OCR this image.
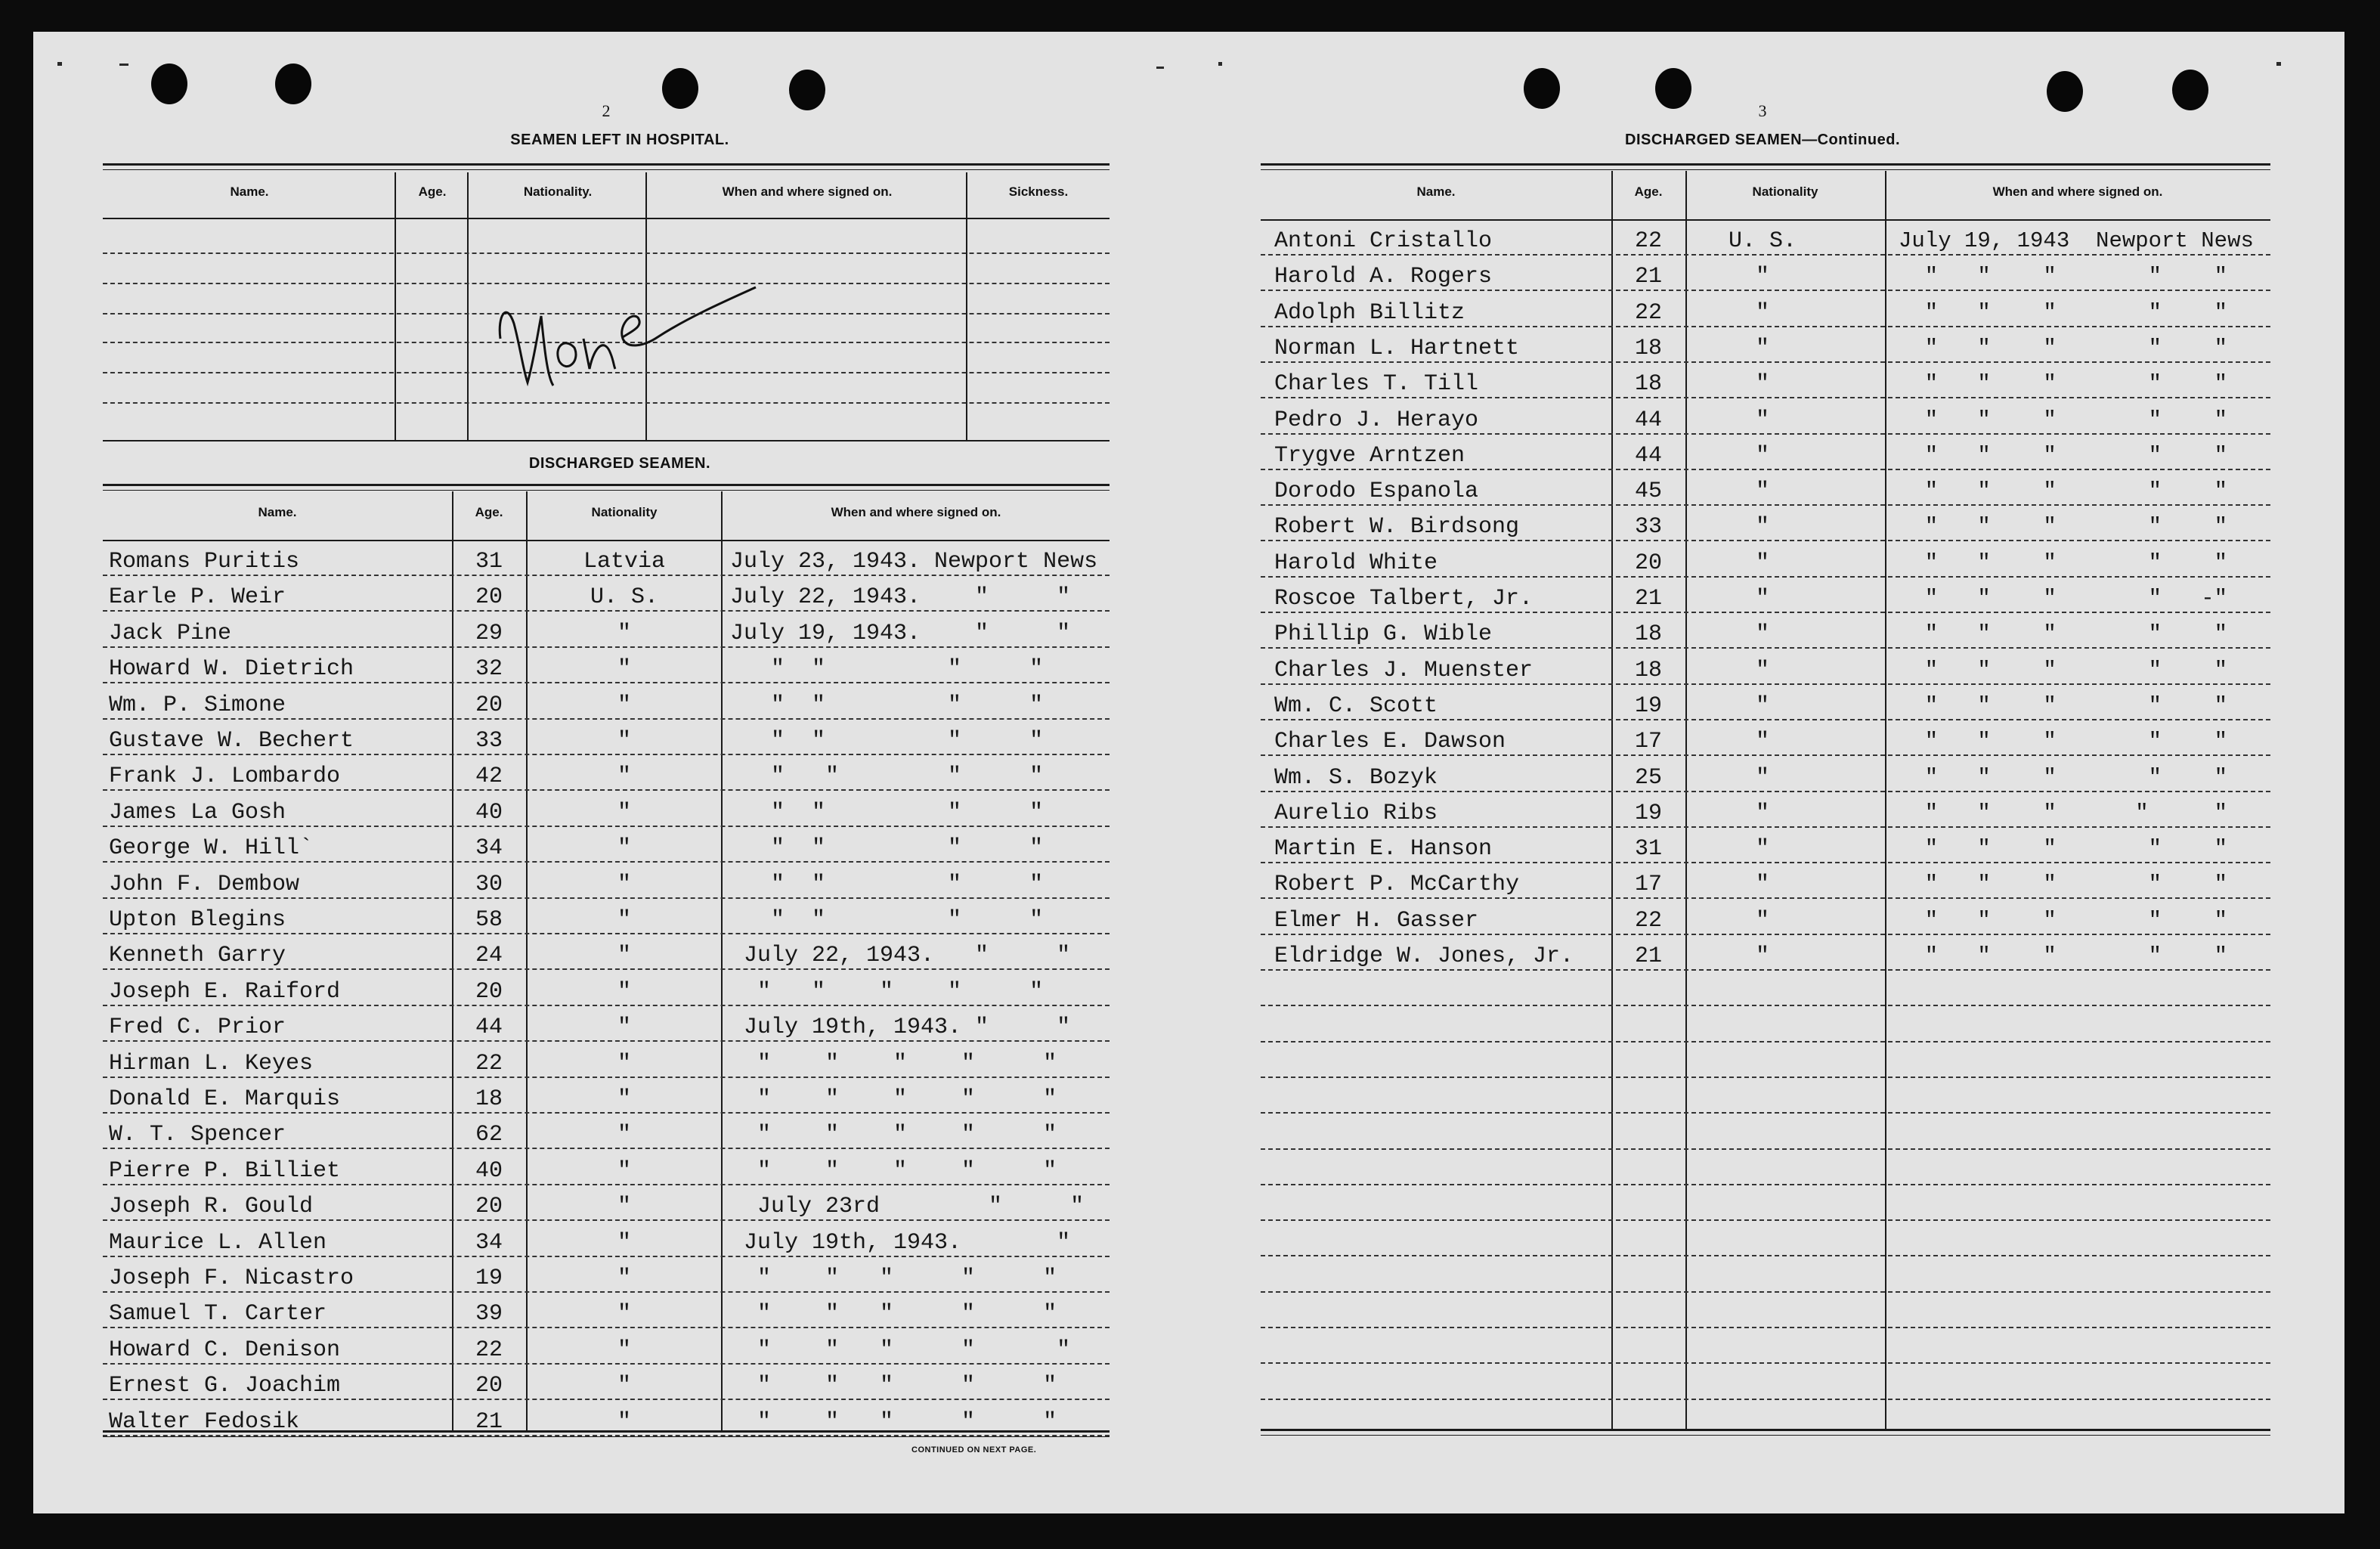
2
SEAMEN LEFT IN HOSPITAL.
Name.	Age.	Nationality.	When and where signed on.	Sickness.
DISCHARGED SEAMEN.
Name.	Age.	Nationality	When and where signed on.
Romans Puritis	31	Latvia	July 23, 1943. Newport News
Earle P. Weir	20	U. S.	July 22, 1943.    "     "
Jack Pine	29	"	July 19, 1943.    "     "
Howard W. Dietrich	32	"	"  "         "     "
Wm. P. Simone	20	"	"  "         "     "
Gustave W. Bechert	33	"	"  "         "     "
Frank J. Lombardo	42	"	"   "        "     "
James La Gosh	40	"	"  "         "     "
George W. Hill`	34	"	"  "         "     "
John F. Dembow	30	"	"  "         "     "
Upton Blegins	58	"	"  "         "     "
Kenneth Garry	24	"	July 22, 1943.   "     "
Joseph E. Raiford	20	"	"   "    "    "     "
Fred C. Prior	44	"	July 19th, 1943. "     "
Hirman L. Keyes	22	"	"    "    "    "     "
Donald E. Marquis	18	"	"    "    "    "     "
W. T. Spencer	62	"	"    "    "    "     "
Pierre P. Billiet	40	"	"    "    "    "     "
Joseph R. Gould	20	"	July 23rd        "     "
Maurice L. Allen	34	"	July 19th, 1943.       "
Joseph F. Nicastro	19	"	"    "   "     "     "
Samuel T. Carter	39	"	"    "   "     "     "
Howard C. Denison	22	"	"    "   "     "      "
Ernest G. Joachim	20	"	"    "   "     "     "
Walter Fedosik	21	"	"    "   "     "     "
CONTINUED ON NEXT PAGE.
3
DISCHARGED SEAMEN—Continued.
Name.	Age.	Nationality	When and where signed on.
Antoni Cristallo	22	U. S.	July 19, 1943  Newport News
Harold A. Rogers	21	"	"   "    "       "    "
Adolph Billitz	22	"	"   "    "       "    "
Norman L. Hartnett	18	"	"   "    "       "    "
Charles T. Till	18	"	"   "    "       "    "
Pedro J. Herayo	44	"	"   "    "       "    "
Trygve Arntzen	44	"	"   "    "       "    "
Dorodo Espanola	45	"	"   "    "       "    "
Robert W. Birdsong	33	"	"   "    "       "    "
Harold White	20	"	"   "    "       "    "
Roscoe Talbert, Jr.	21	"	"   "    "       "   -"
Phillip G. Wible	18	"	"   "    "       "    "
Charles J. Muenster	18	"	"   "    "       "    "
Wm. C. Scott	19	"	"   "    "       "    "
Charles E. Dawson	17	"	"   "    "       "    "
Wm. S. Bozyk	25	"	"   "    "       "    "
Aurelio Ribs	19	"	"   "    "      "     "
Martin E. Hanson	31	"	"   "    "       "    "
Robert P. McCarthy	17	"	"   "    "       "    "
Elmer H. Gasser	22	"	"   "    "       "    "
Eldridge W. Jones, Jr.	21	"	"   "    "       "    "
